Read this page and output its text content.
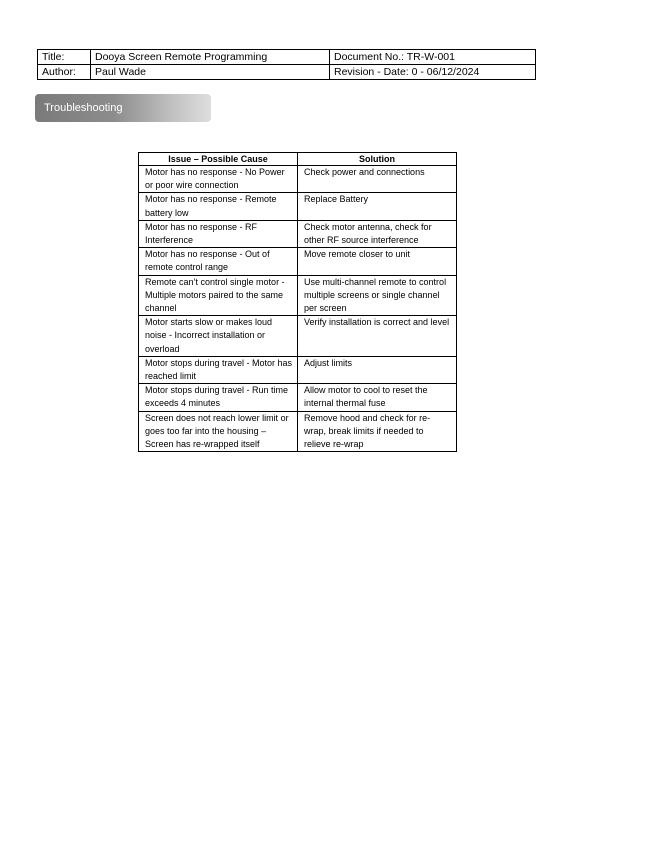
Title:	Dooya Screen Remote Programming	Document No.: TR-W-001
Author:	Paul Wade	Revision - Date: 0 - 06/12/2024
Troubleshooting
Issue – Possible Cause	Solution
Motor has no response - No Power or poor wire connection	Check power and connections
Motor has no response - Remote battery low	Replace Battery
Motor has no response - RF Interference	Check motor antenna, check for other RF source interference
Motor has no response - Out of remote control range	Move remote closer to unit
Remote can’t control single motor - Multiple motors paired to the same channel	Use multi-channel remote to control multiple screens or single channel per screen
Motor starts slow or makes loud noise - Incorrect installation or overload	Verify installation is correct and level
Motor stops during travel - Motor has reached limit	Adjust limits
Motor stops during travel - Run time exceeds 4 minutes	Allow motor to cool to reset the internal thermal fuse
Screen does not reach lower limit or goes too far into the housing – Screen has re-wrapped itself	Remove hood and check for re-wrap, break limits if needed to relieve re-wrap
